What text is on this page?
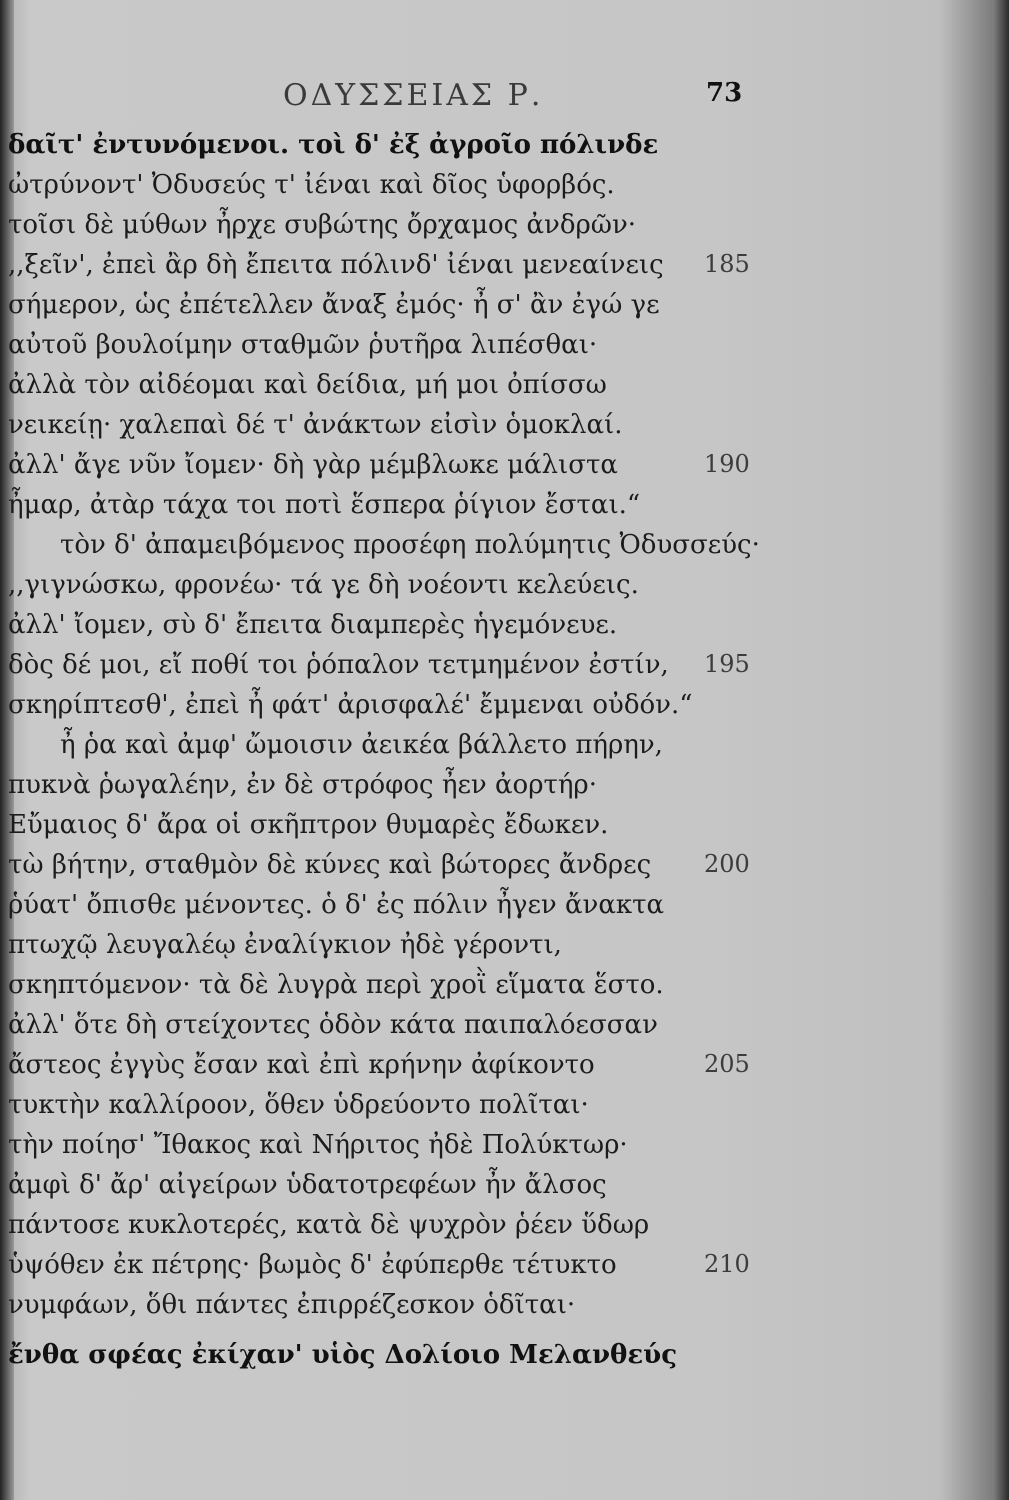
ΟΔΥΣΣΕΙΑΣ Ρ.	73
δαῖτ' ἐντυνόμενοι. τοὶ δ' ἐξ ἀγροῖο πόλινδε
ὠτρύνοντ' Ὀδυσεύς τ' ἰέναι καὶ δῖος ὑφορβός.
τοῖσι δὲ μύθων ἦρχε συβώτης ὄρχαμος ἀνδρῶν·
,,ξεῖν', ἐπεὶ ἂρ δὴ ἔπειτα πόλινδ' ἰέναι μενεαίνεις 185
σήμερον, ὡς ἐπέτελλεν ἄναξ ἐμός· ἦ σ' ἂν ἐγώ γε
αὐτοῦ βουλοίμην σταθμῶν ῥυτῆρα λιπέσθαι·
ἀλλὰ τὸν αἰδέομαι καὶ δείδια, μή μοι ὀπίσσω
νεικείῃ· χαλεπαὶ δέ τ' ἀνάκτων εἰσὶν ὁμοκλαί.
ἀλλ' ἄγε νῦν ἴομεν· δὴ γὰρ μέμβλωκε μάλιστα	190
ἦμαρ, ἀτὰρ τάχα τοι ποτὶ ἕσπερα ῥίγιον ἔσται.“
τὸν δ' ἀπαμειβόμενος προσέφη πολύμητις Ὀδυσσεύς·
,,γιγνώσκω, φρονέω· τά γε δὴ νοέοντι κελεύεις.
ἀλλ' ἴομεν, σὺ δ' ἔπειτα διαμπερὲς ἡγεμόνευε.
δὸς δέ μοι, εἴ ποθί τοι ῥόπαλον τετμημένον ἐστίν, 195
σκηρίπτεσθ', ἐπεὶ ἦ φάτ' ἀρισφαλέ' ἔμμεναι οὐδόν.“
ἦ ῥα καὶ ἀμφ' ὤμοισιν ἀεικέα βάλλετο πήρην,
πυκνὰ ῥωγαλέην, ἐν δὲ στρόφος ἦεν ἀορτήρ·
Εὔμαιος δ' ἄρα οἱ σκῆπτρον θυμαρὲς ἔδωκεν.
τὼ βήτην, σταθμὸν δὲ κύνες καὶ βώτορες ἄνδρες 200
ῥύατ' ὄπισθε μένοντες. ὁ δ' ἐς πόλιν ἦγεν ἄνακτα
πτωχῷ λευγαλέῳ ἐναλίγκιον ἠδὲ γέροντι,
σκηπτόμενον· τὰ δὲ λυγρὰ περὶ χροῒ εἵματα ἕστο.
ἀλλ' ὅτε δὴ στείχοντες ὁδὸν κάτα παιπαλόεσσαν
ἄστεος ἐγγὺς ἔσαν καὶ ἐπὶ κρήνην ἀφίκοντο	205
τυκτὴν καλλίροον, ὅθεν ὑδρεύοντο πολῖται·
τὴν ποίησ' Ἴθακος καὶ Νήριτος ἠδὲ Πολύκτωρ·
ἀμφὶ δ' ἄρ' αἰγείρων ὑδατοτρεφέων ἦν ἄλσος
πάντοσε κυκλοτερές, κατὰ δὲ ψυχρὸν ῥέεν ὕδωρ
ὑψόθεν ἐκ πέτρης· βωμὸς δ' ἐφύπερθε τέτυκτο	210
νυμφάων, ὅθι πάντες ἐπιρρέζεσκον ὁδῖται·
ἔνθα σφέας ἐκίχαν' υἱὸς Δολίοιο Μελανθεύς
